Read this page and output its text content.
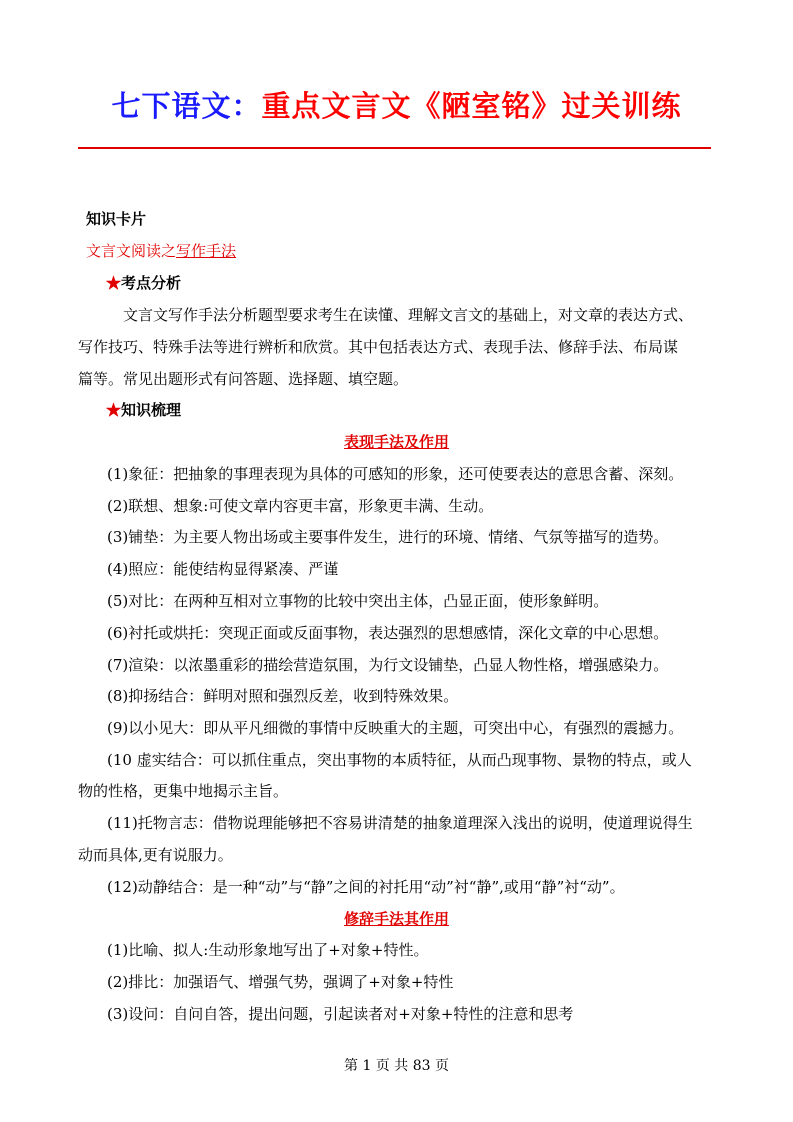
七下语文：重点文言文《陋室铭》过关训练
知识卡片
文言文阅读之写作手法
★考点分析
文言文写作手法分析题型要求考生在读懂、理解文言文的基础上，对文章的表达方式、
写作技巧、特殊手法等进行辨析和欣赏。其中包括表达方式、表现手法、修辞手法、布局谋
篇等。常见出题形式有问答题、选择题、填空题。
★知识梳理
表现手法及作用
(1)象征：把抽象的事理表现为具体的可感知的形象，还可使要表达的意思含蓄、深刻。
(2)联想、想象:可使文章内容更丰富，形象更丰满、生动。
(3)铺垫：为主要人物出场或主要事件发生，进行的环境、情绪、气氛等描写的造势。
(4)照应：能使结构显得紧凑、严谨
(5)对比：在两种互相对立事物的比较中突出主体，凸显正面，使形象鲜明。
(6)衬托或烘托：突现正面或反面事物，表达强烈的思想感情，深化文章的中心思想。
(7)渲染：以浓墨重彩的描绘营造氛围，为行文设铺垫，凸显人物性格，增强感染力。
(8)抑扬结合：鲜明对照和强烈反差，收到特殊效果。
(9)以小见大：即从平凡细微的事情中反映重大的主题，可突出中心，有强烈的震撼力。
(10 虚实结合：可以抓住重点，突出事物的本质特征，从而凸现事物、景物的特点，或人
物的性格，更集中地揭示主旨。
(11)托物言志：借物说理能够把不容易讲清楚的抽象道理深入浅出的说明，使道理说得生
动而具体,更有说服力。
(12)动静结合：是一种“动”与“静”之间的衬托用“动”衬“静”,或用“静”衬“动”。
修辞手法其作用
(1)比喻、拟人:生动形象地写出了+对象+特性。
(2)排比：加强语气、增强气势，强调了+对象+特性
(3)设问：自问自答，提出问题，引起读者对+对象+特性的注意和思考
第 1 页 共 83 页
